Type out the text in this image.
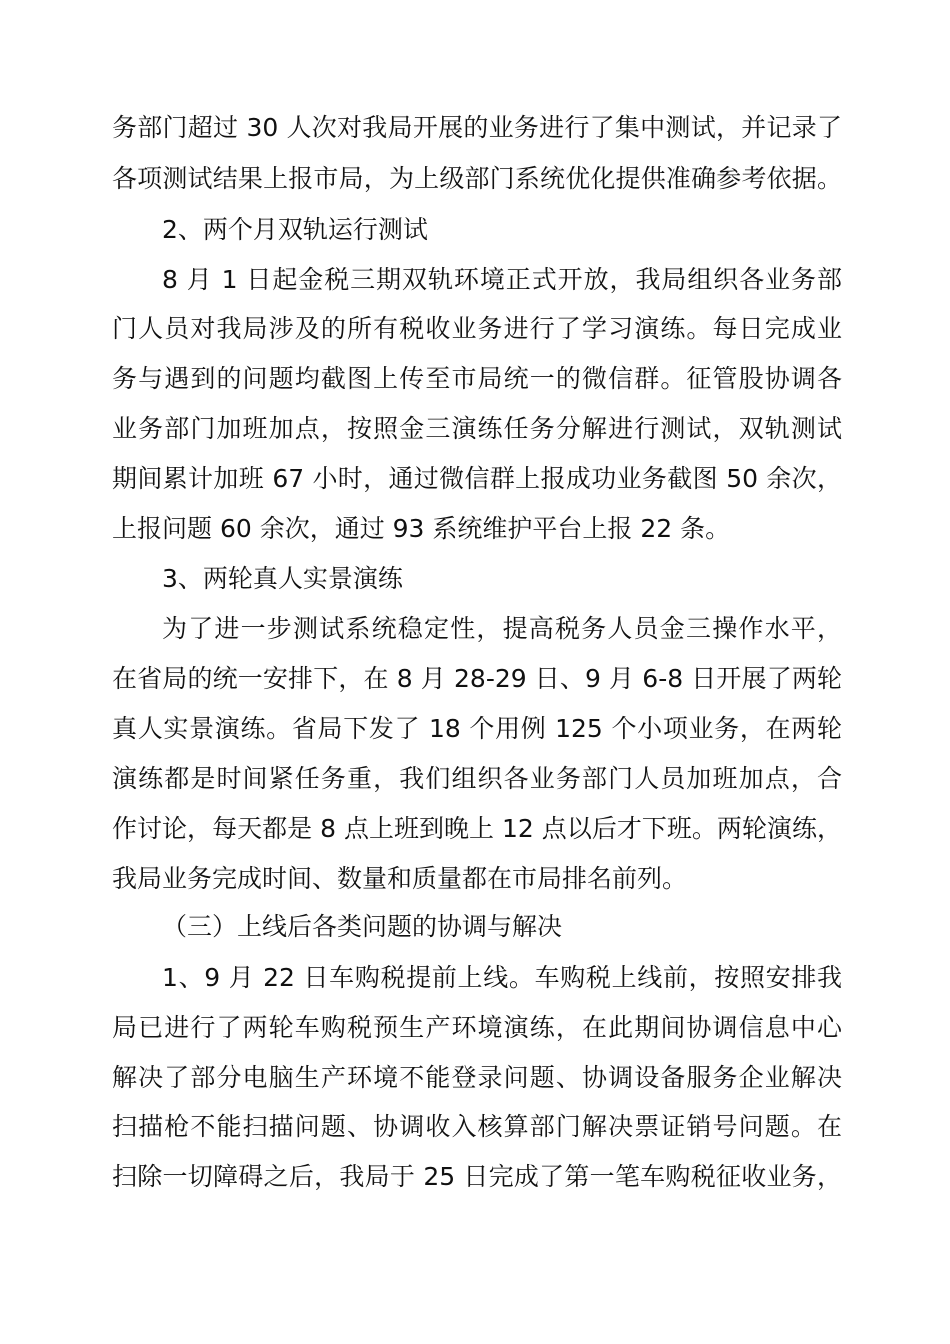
务部门超过 30 人次对我局开展的业务进行了集中测试，并记录了
各项测试结果上报市局，为上级部门系统优化提供准确参考依据。
2、两个月双轨运行测试
8 月 1 日起金税三期双轨环境正式开放，我局组织各业务部
门人员对我局涉及的所有税收业务进行了学习演练。每日完成业
务与遇到的问题均截图上传至市局统一的微信群。征管股协调各
业务部门加班加点，按照金三演练任务分解进行测试，双轨测试
期间累计加班 67 小时，通过微信群上报成功业务截图 50 余次，
上报问题 60 余次，通过 93 系统维护平台上报 22 条。
3、两轮真人实景演练
为了进一步测试系统稳定性，提高税务人员金三操作水平，
在省局的统一安排下，在 8 月 28-29 日、9 月 6-8 日开展了两轮
真人实景演练。省局下发了 18 个用例 125 个小项业务，在两轮
演练都是时间紧任务重，我们组织各业务部门人员加班加点，合
作讨论，每天都是 8 点上班到晚上 12 点以后才下班。两轮演练，
我局业务完成时间、数量和质量都在市局排名前列。
（三）上线后各类问题的协调与解决
1、9 月 22 日车购税提前上线。车购税上线前，按照安排我
局已进行了两轮车购税预生产环境演练，在此期间协调信息中心
解决了部分电脑生产环境不能登录问题、协调设备服务企业解决
扫描枪不能扫描问题、协调收入核算部门解决票证销号问题。在
扫除一切障碍之后，我局于 25 日完成了第一笔车购税征收业务，
